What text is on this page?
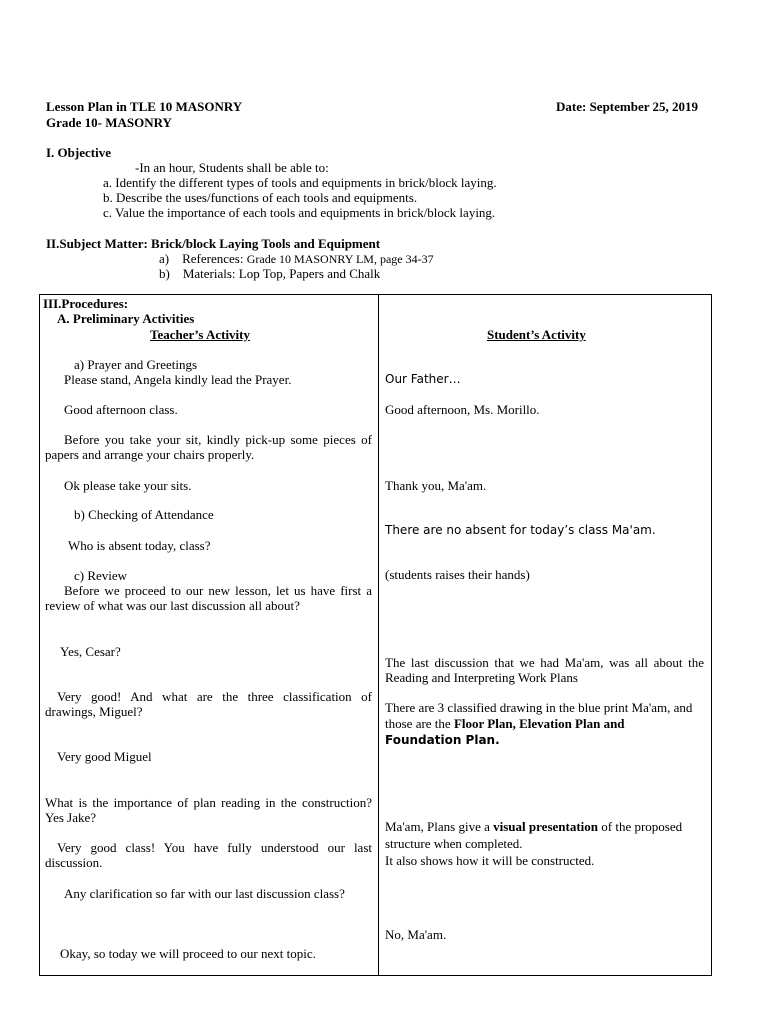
Lesson Plan in TLE 10 MASONRY	Date: September 25, 2019
Grade 10- MASONRY
I. Objective
-In an hour, Students shall be able to:
a. Identify the different types of tools and equipments in brick/block laying.
b. Describe the uses/functions of each tools and equipments.
c. Value the importance of each tools and equipments in brick/block laying.
II.Subject Matter: Brick/block Laying Tools and Equipment
a) References: Grade 10 MASONRY LM, page 34-37
b) Materials: Lop Top, Papers and Chalk
III.Procedures:
A. Preliminary Activities
Teacher’s Activity	Student’s Activity
a) Prayer and Greetings
Please stand, Angela kindly lead the Prayer.
Good afternoon class.
Before you take your sit, kindly pick-up some pieces of papers and arrange your chairs properly.
Ok please take your sits.
b) Checking of Attendance
Who is absent today, class?
c) Review
Before we proceed to our new lesson, let us have first a review of what was our last discussion all about?
Yes, Cesar?
Very good! And what are the three classification of drawings, Miguel?
Very good Miguel
What is the importance of plan reading in the construction? Yes Jake?
Very good class! You have fully understood our last discussion.
Any clarification so far with our last discussion class?
Okay, so today we will proceed to our next topic.
Our Father…
Good afternoon, Ms. Morillo.
Thank you, Ma'am.
There are no absent for today’s class Ma'am.
(students raises their hands)
The last discussion that we had Ma'am, was all about the Reading and Interpreting Work Plans
There are 3 classified drawing in the blue print Ma'am, and those are the Floor Plan, Elevation Plan and Foundation Plan.
Ma'am, Plans give a visual presentation of the proposed structure when completed.
It also shows how it will be constructed.
No, Ma'am.
